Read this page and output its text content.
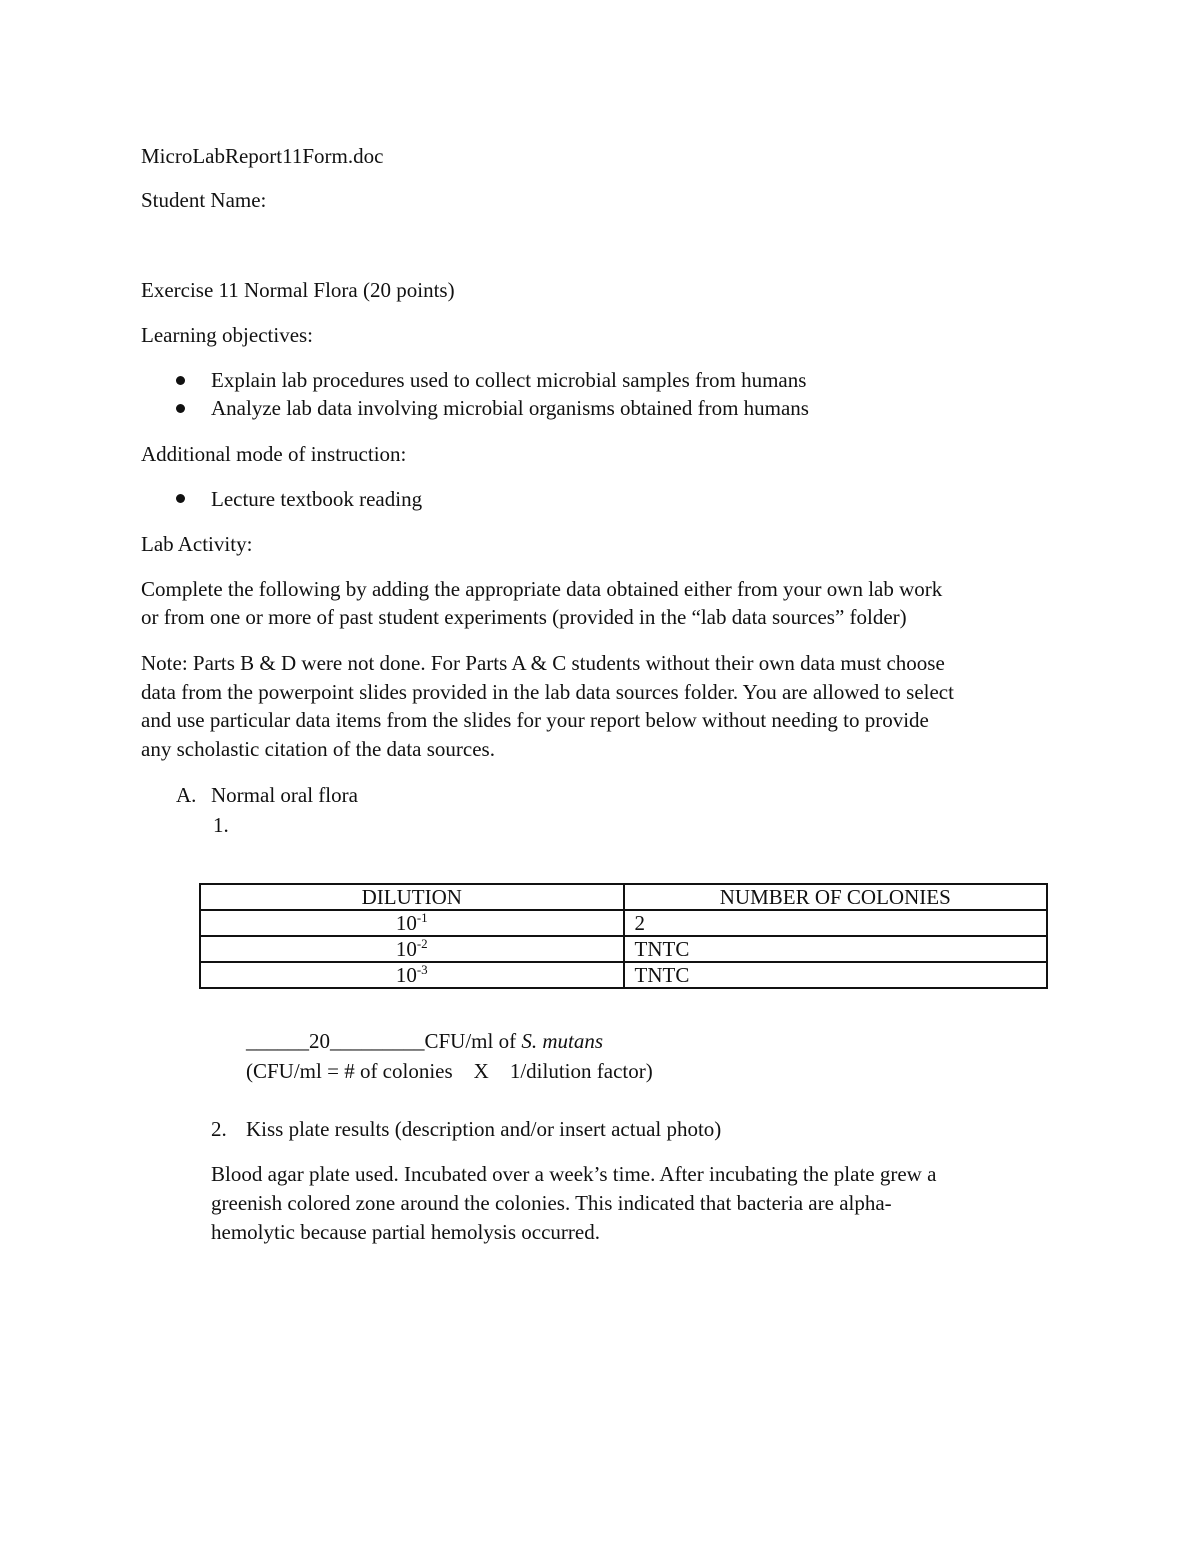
MicroLabReport11Form.doc
Student Name:
Exercise 11 Normal Flora (20 points)
Learning objectives:
Explain lab procedures used to collect microbial samples from humans
Analyze lab data involving microbial organisms obtained from humans
Additional mode of instruction:
Lecture textbook reading
Lab Activity:
Complete the following by adding the appropriate data obtained either from your own lab work
or from one or more of past student experiments (provided in the “lab data sources” folder)
Note: Parts B & D were not done. For Parts A & C students without their own data must choose
data from the powerpoint slides provided in the lab data sources folder. You are allowed to select
and use particular data items from the slides for your report below without needing to provide
any scholastic citation of the data sources.
A. Normal oral flora
1.
DILUTION	NUMBER OF COLONIES
$10^{-1}$	2
$10^{-2}$	TNTC
$10^{-3}$	TNTC
______20_________CFU/ml of S. mutans
(CFU/ml = # of colonies    X    1/dilution factor)
2. Kiss plate results (description and/or insert actual photo)
Blood agar plate used. Incubated over a week’s time. After incubating the plate grew a
greenish colored zone around the colonies. This indicated that bacteria are alpha-
hemolytic because partial hemolysis occurred.
